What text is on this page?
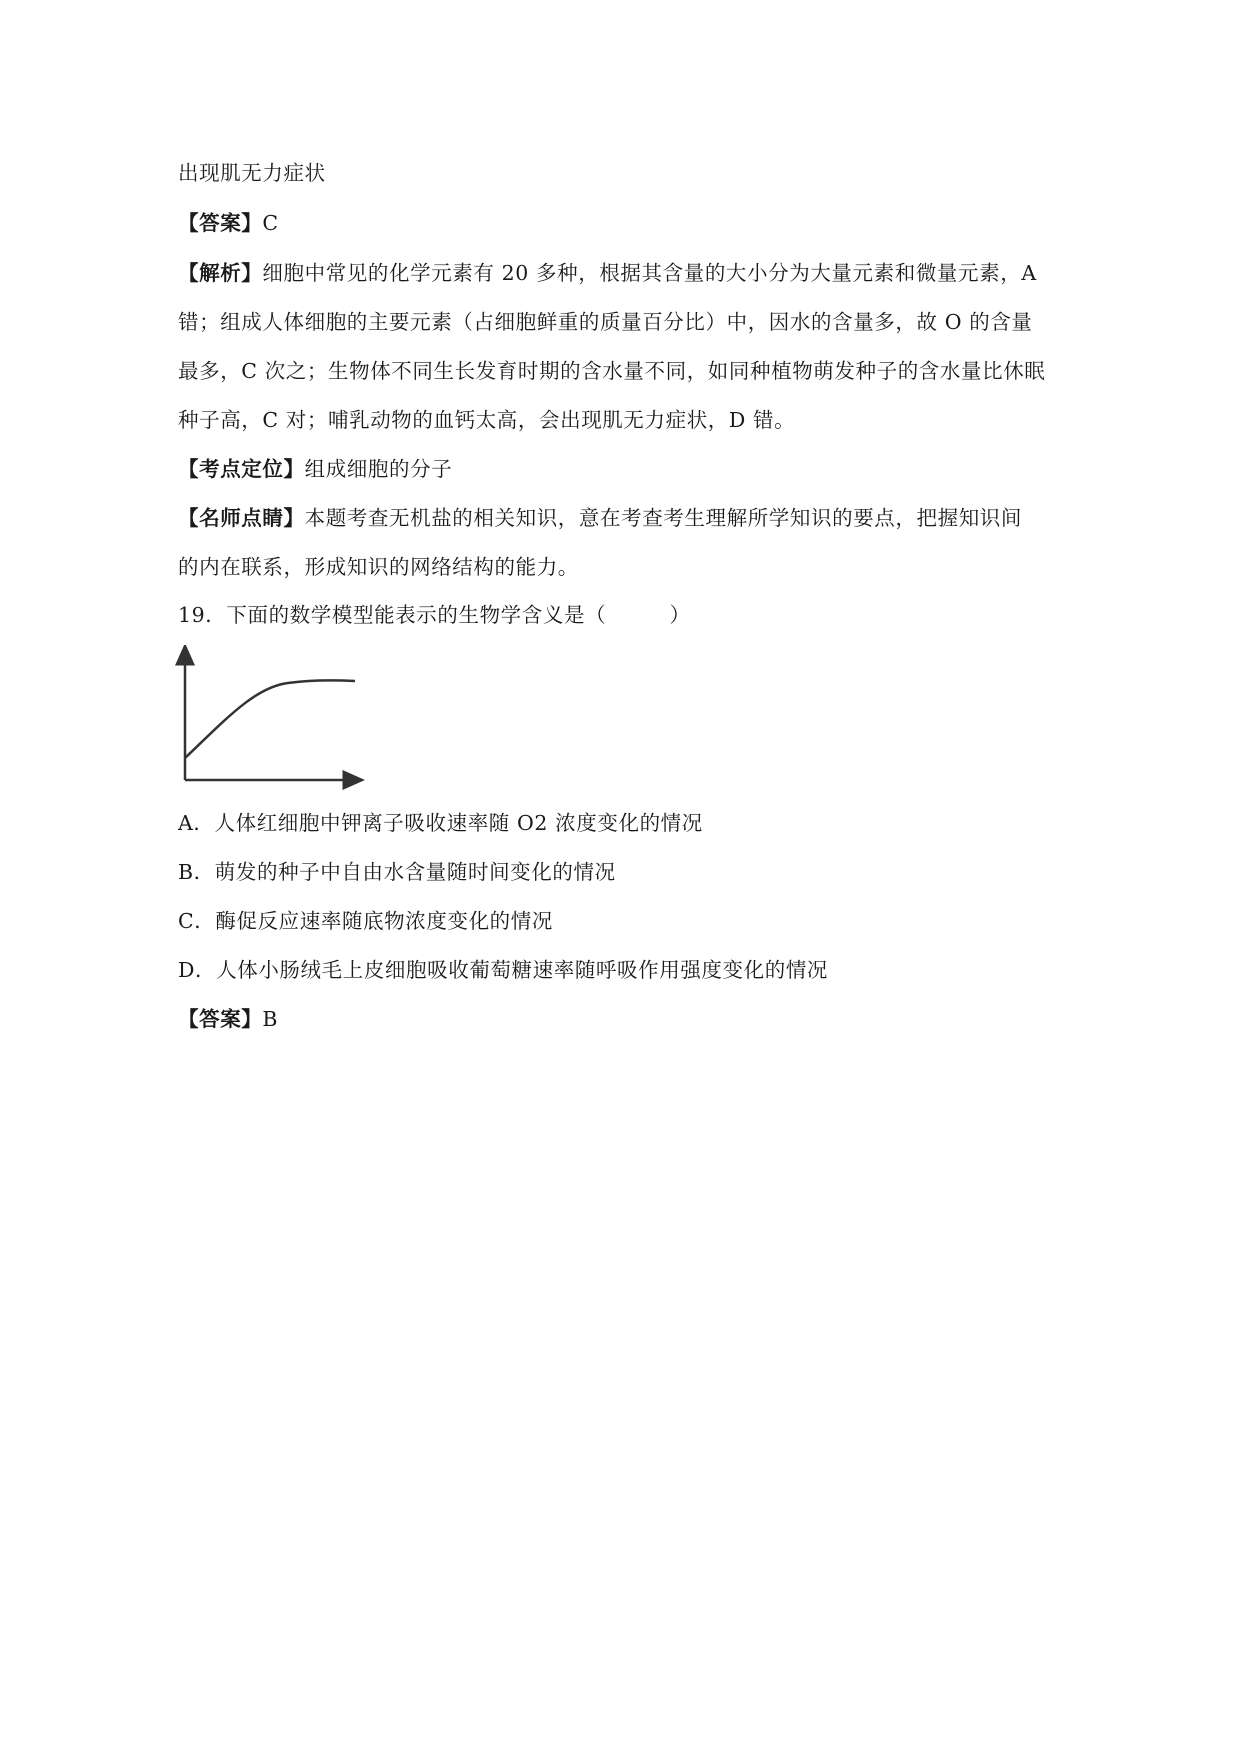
出现肌无力症状
【答案】C
【解析】细胞中常见的化学元素有 20 多种，根据其含量的大小分为大量元素和微量元素，A
错；组成人体细胞的主要元素（占细胞鲜重的质量百分比）中，因水的含量多，故 O 的含量
最多，C 次之；生物体不同生长发育时期的含水量不同，如同种植物萌发种子的含水量比休眠
种子高，C 对；哺乳动物的血钙太高，会出现肌无力症状，D 错。
【考点定位】组成细胞的分子
【名师点睛】本题考查无机盐的相关知识，意在考查考生理解所学知识的要点，把握知识间
的内在联系，形成知识的网络结构的能力。
19．下面的数学模型能表示的生物学含义是（　　　）
A．人体红细胞中钾离子吸收速率随 O2 浓度变化的情况
B．萌发的种子中自由水含量随时间变化的情况
C．酶促反应速率随底物浓度变化的情况
D．人体小肠绒毛上皮细胞吸收葡萄糖速率随呼吸作用强度变化的情况
【答案】B
